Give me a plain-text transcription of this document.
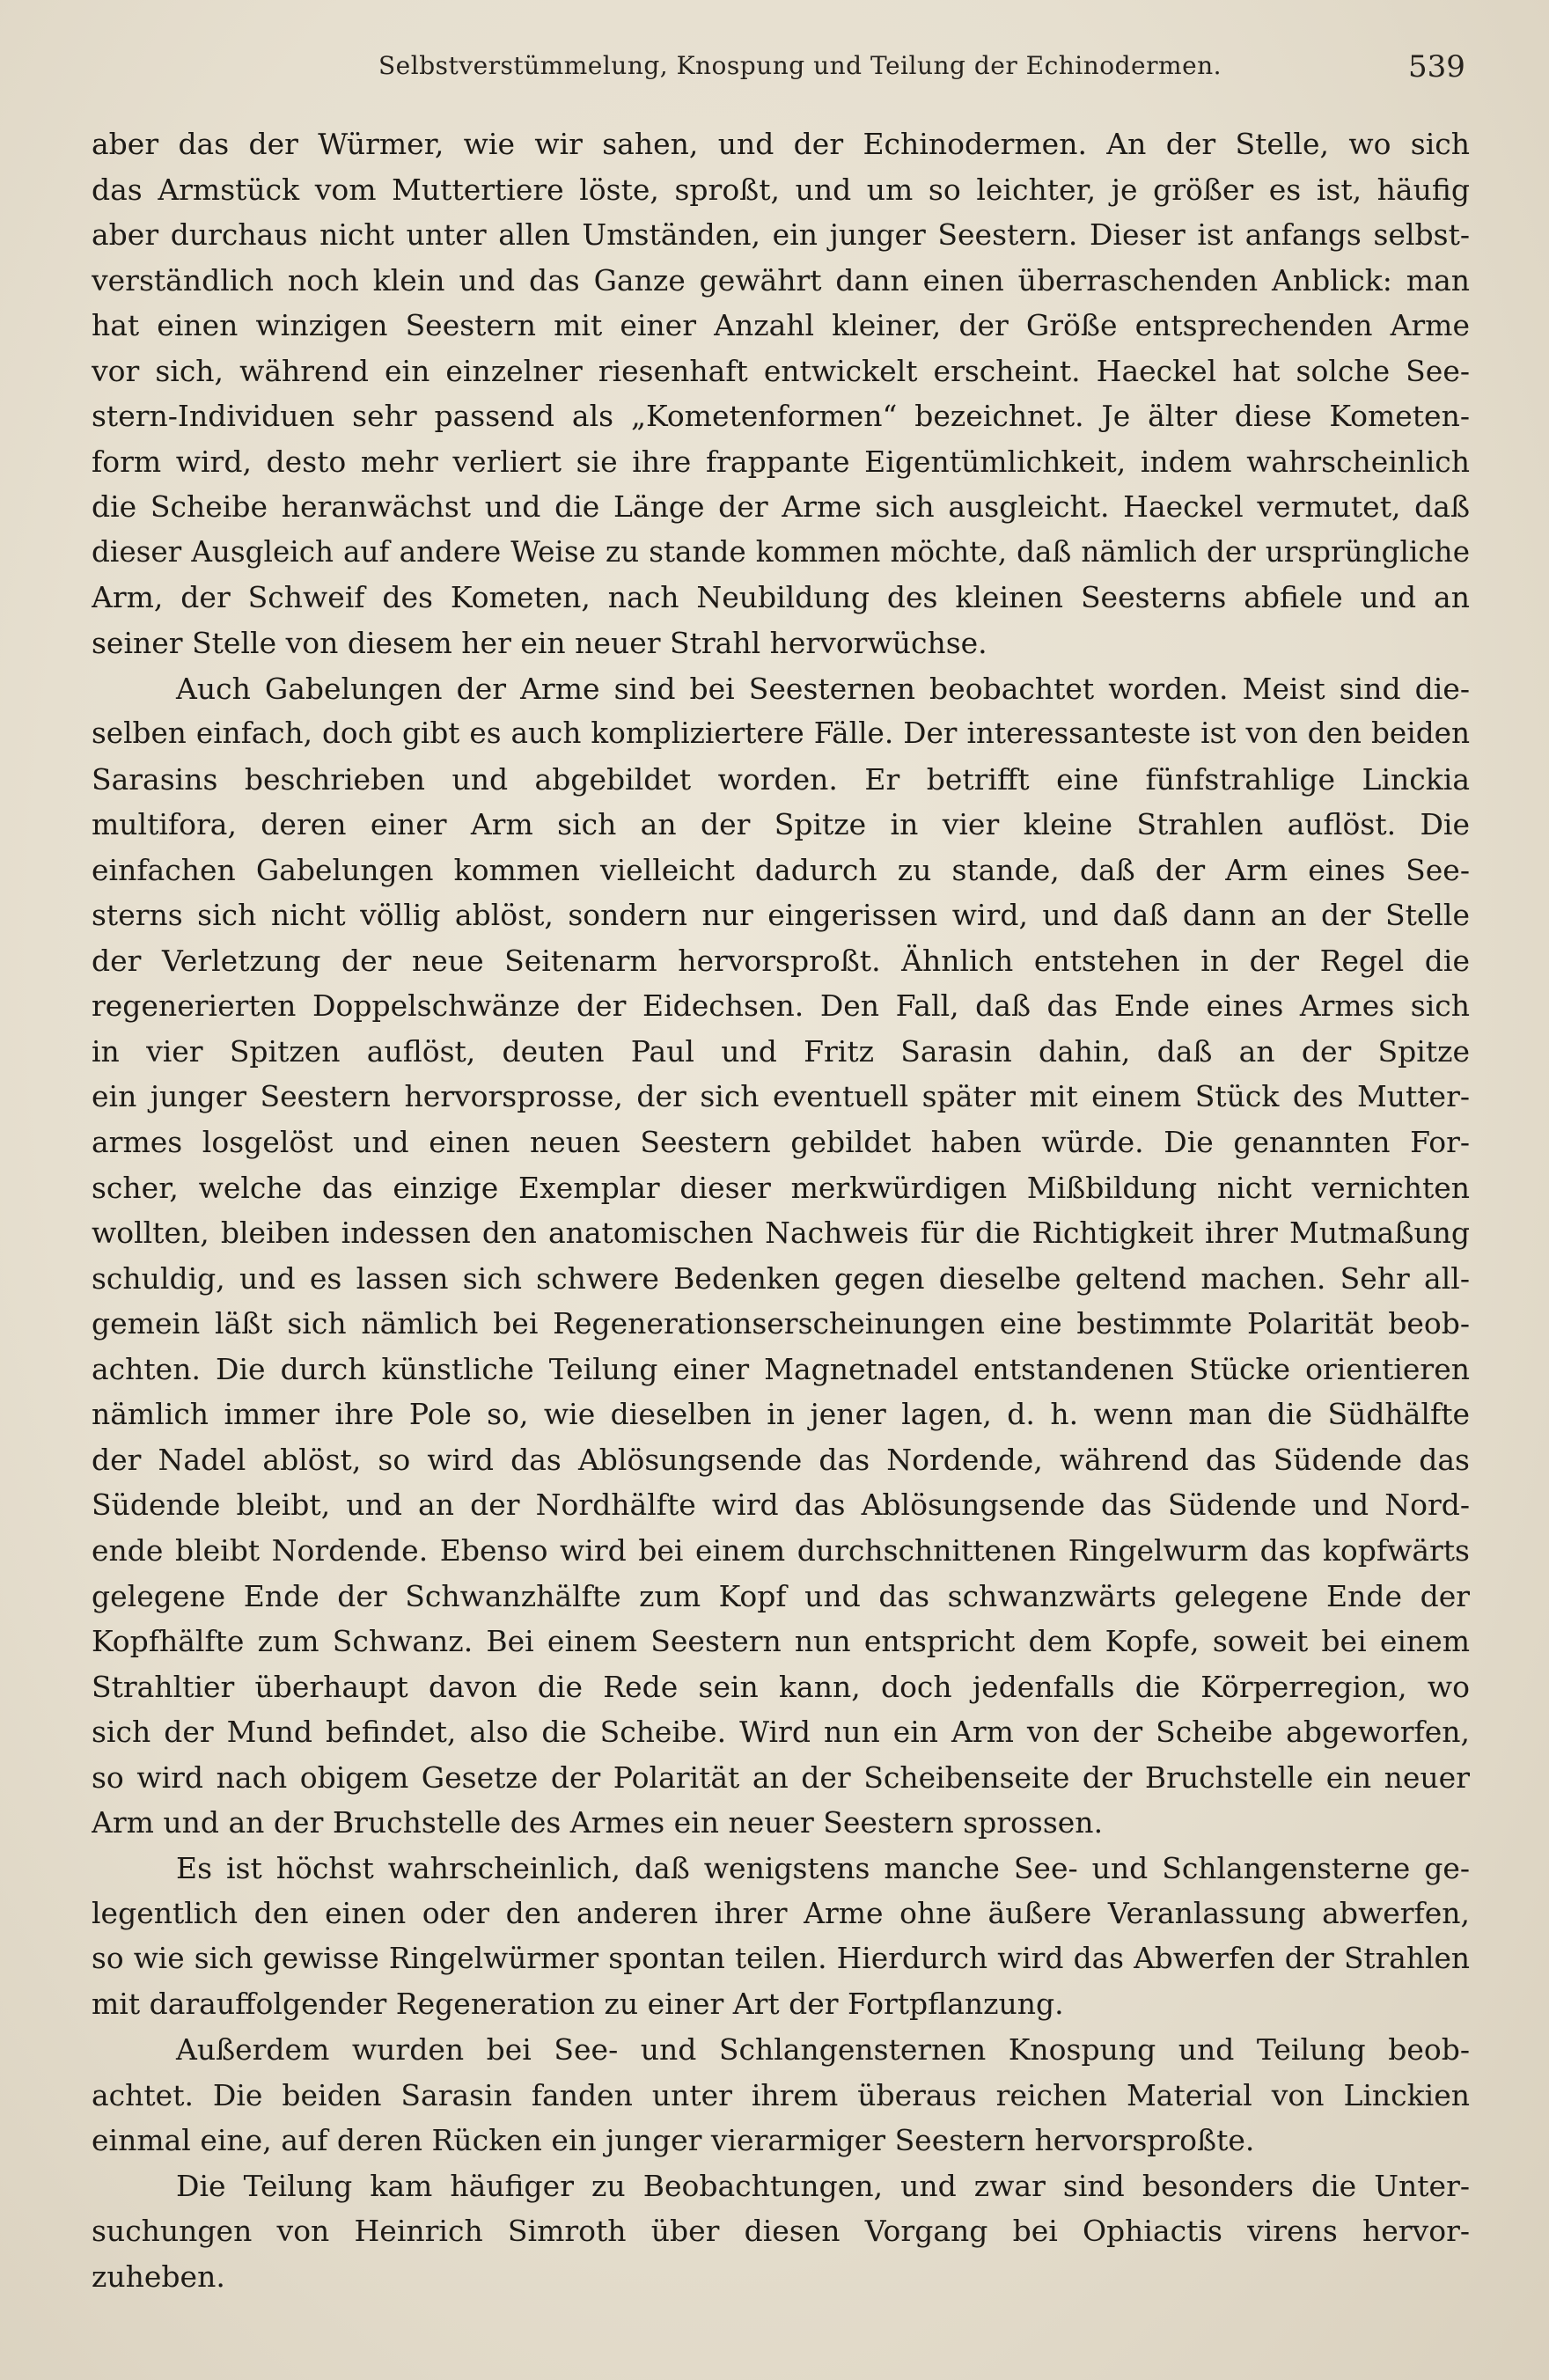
Selbstverstümmelung, Knospung und Teilung der Echinodermen.	539
aber das der Würmer, wie wir sahen, und der Echinodermen. An der Stelle, wo sich
das Armstück vom Muttertiere löste, sproßt, und um so leichter, je größer es ist, häufig
aber durchaus nicht unter allen Umständen, ein junger Seestern. Dieser ist anfangs selbst-
verständlich noch klein und das Ganze gewährt dann einen überraschenden Anblick: man
hat einen winzigen Seestern mit einer Anzahl kleiner, der Größe entsprechenden Arme
vor sich, während ein einzelner riesenhaft entwickelt erscheint. Haeckel hat solche See-
stern-Individuen sehr passend als „Kometenformen“ bezeichnet. Je älter diese Kometen-
form wird, desto mehr verliert sie ihre frappante Eigentümlichkeit, indem wahrscheinlich
die Scheibe heranwächst und die Länge der Arme sich ausgleicht. Haeckel vermutet, daß
dieser Ausgleich auf andere Weise zu stande kommen möchte, daß nämlich der ursprüngliche
Arm, der Schweif des Kometen, nach Neubildung des kleinen Seesterns abfiele und an
seiner Stelle von diesem her ein neuer Strahl hervorwüchse.
Auch Gabelungen der Arme sind bei Seesternen beobachtet worden. Meist sind die-
selben einfach, doch gibt es auch kompliziertere Fälle. Der interessanteste ist von den beiden
Sarasins beschrieben und abgebildet worden. Er betrifft eine fünfstrahlige Linckia
multifora, deren einer Arm sich an der Spitze in vier kleine Strahlen auflöst. Die
einfachen Gabelungen kommen vielleicht dadurch zu stande, daß der Arm eines See-
sterns sich nicht völlig ablöst, sondern nur eingerissen wird, und daß dann an der Stelle
der Verletzung der neue Seitenarm hervorsproßt. Ähnlich entstehen in der Regel die
regenerierten Doppelschwänze der Eidechsen. Den Fall, daß das Ende eines Armes sich
in vier Spitzen auflöst, deuten Paul und Fritz Sarasin dahin, daß an der Spitze
ein junger Seestern hervorsprosse, der sich eventuell später mit einem Stück des Mutter-
armes losgelöst und einen neuen Seestern gebildet haben würde. Die genannten For-
scher, welche das einzige Exemplar dieser merkwürdigen Mißbildung nicht vernichten
wollten, bleiben indessen den anatomischen Nachweis für die Richtigkeit ihrer Mutmaßung
schuldig, und es lassen sich schwere Bedenken gegen dieselbe geltend machen. Sehr all-
gemein läßt sich nämlich bei Regenerationserscheinungen eine bestimmte Polarität beob-
achten. Die durch künstliche Teilung einer Magnetnadel entstandenen Stücke orientieren
nämlich immer ihre Pole so, wie dieselben in jener lagen, d. h. wenn man die Südhälfte
der Nadel ablöst, so wird das Ablösungsende das Nordende, während das Südende das
Südende bleibt, und an der Nordhälfte wird das Ablösungsende das Südende und Nord-
ende bleibt Nordende. Ebenso wird bei einem durchschnittenen Ringelwurm das kopfwärts
gelegene Ende der Schwanzhälfte zum Kopf und das schwanzwärts gelegene Ende der
Kopfhälfte zum Schwanz. Bei einem Seestern nun entspricht dem Kopfe, soweit bei einem
Strahltier überhaupt davon die Rede sein kann, doch jedenfalls die Körperregion, wo
sich der Mund befindet, also die Scheibe. Wird nun ein Arm von der Scheibe abgeworfen,
so wird nach obigem Gesetze der Polarität an der Scheibenseite der Bruchstelle ein neuer
Arm und an der Bruchstelle des Armes ein neuer Seestern sprossen.
Es ist höchst wahrscheinlich, daß wenigstens manche See- und Schlangensterne ge-
legentlich den einen oder den anderen ihrer Arme ohne äußere Veranlassung abwerfen,
so wie sich gewisse Ringelwürmer spontan teilen. Hierdurch wird das Abwerfen der Strahlen
mit darauffolgender Regeneration zu einer Art der Fortpflanzung.
Außerdem wurden bei See- und Schlangensternen Knospung und Teilung beob-
achtet. Die beiden Sarasin fanden unter ihrem überaus reichen Material von Linckien
einmal eine, auf deren Rücken ein junger vierarmiger Seestern hervorsproßte.
Die Teilung kam häufiger zu Beobachtungen, und zwar sind besonders die Unter-
suchungen von Heinrich Simroth über diesen Vorgang bei Ophiactis virens hervor-
zuheben.
